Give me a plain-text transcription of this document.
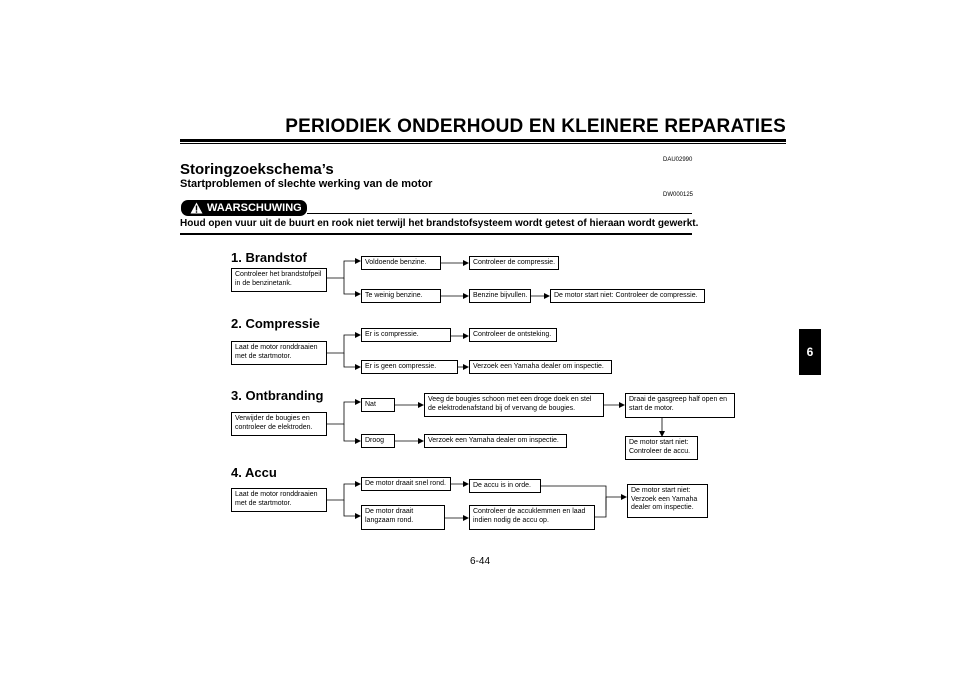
PERIODIEK ONDERHOUD EN KLEINERE REPARATIES
DAU02990
Storingzoekschema’s
Startproblemen of slechte werking van de motor
DW000125
WAARSCHUWING
Houd open vuur uit de buurt en rook niet terwijl het brandstofsysteem wordt getest of hieraan wordt gewerkt.
1. Brandstof
Controleer het brandstofpeil
in de benzinetank.
Voldoende benzine.	Controleer de compressie.
Te weinig benzine.	Benzine bijvullen.	De motor start niet: Controleer de compressie.
2. Compressie
Laat de motor ronddraaien
met de startmotor.
Er is compressie.	Controleer de ontsteking.
Er is geen compressie.	Verzoek een Yamaha dealer om inspectie.
3. Ontbranding
Verwijder de bougies en
controleer de elektroden.
Nat
Veeg de bougies schoon met een droge doek en stel
de elektrodenafstand bij of vervang de bougies.
Draai de gasgreep half open en
start de motor.
De motor start niet:
Controleer de accu.
Droog	Verzoek een Yamaha dealer om inspectie.
4. Accu
Laat de motor ronddraaien
met de startmotor.
De motor draait snel rond.	De accu is in orde.
De motor draait
langzaam rond.
Controleer de accuklemmen en laad
indien nodig de accu op.
De motor start niet:
Verzoek een Yamaha
dealer om inspectie.
6
6-44
